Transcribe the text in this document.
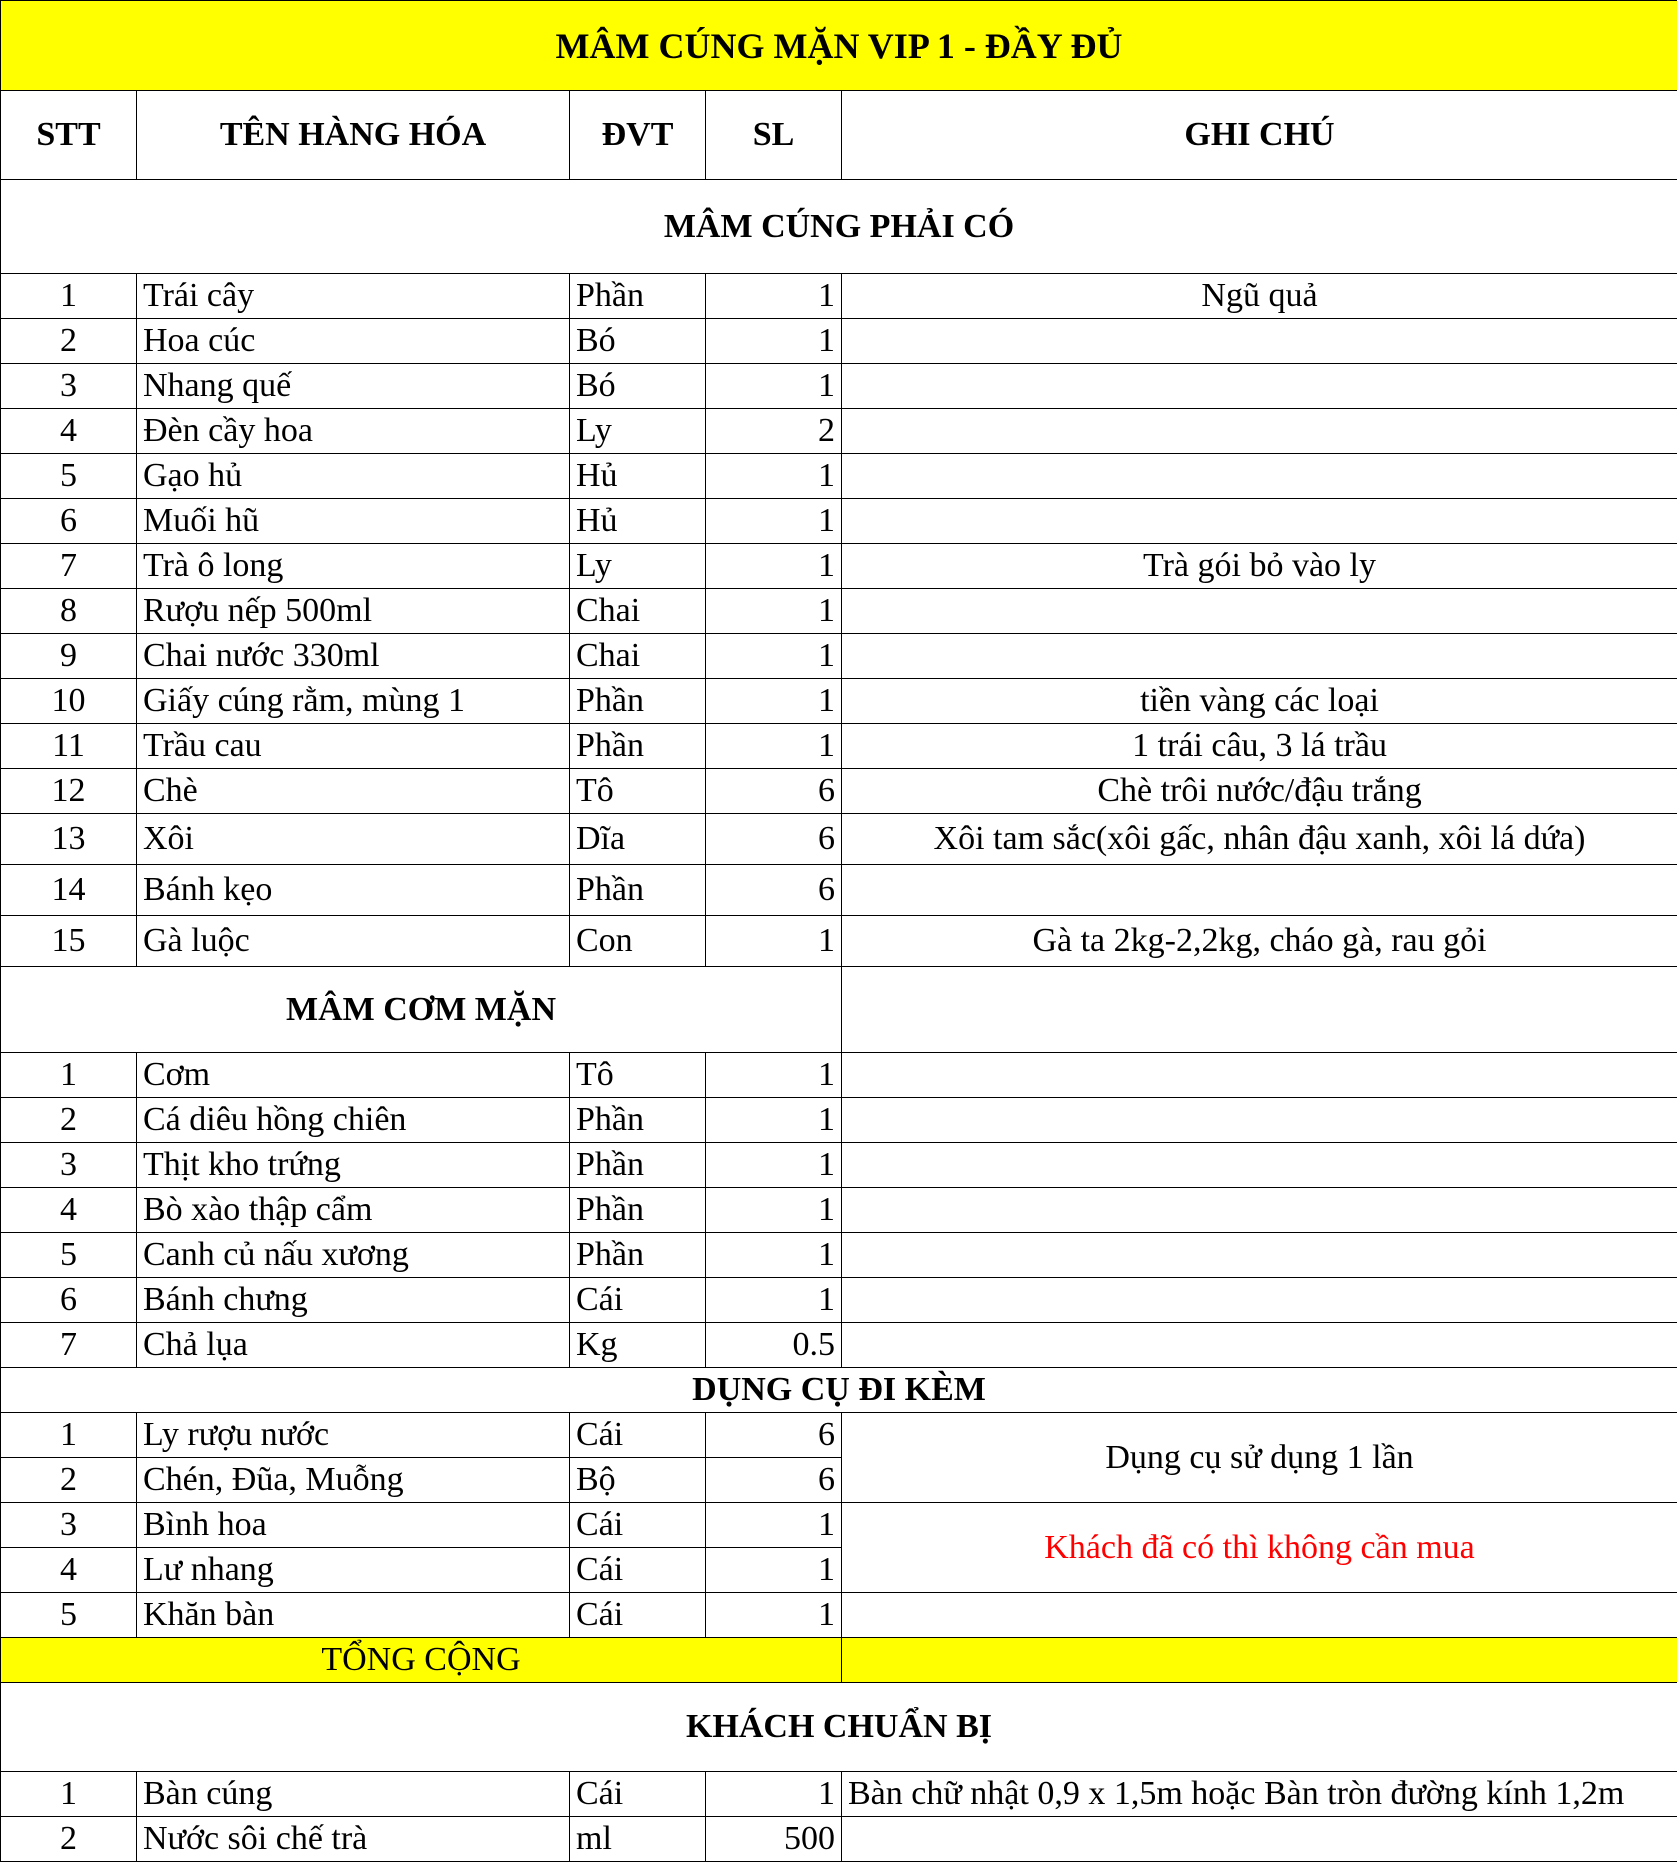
MÂM CÚNG MẶN VIP 1 - ĐẦY ĐỦ				
STT	TÊN HÀNG HÓA	ĐVT	SL	GHI CHÚ
MÂM CÚNG PHẢI CÓ				
1	Trái cây	Phần	1	Ngũ quả
2	Hoa cúc	Bó	1	
3	Nhang quế	Bó	1	
4	Đèn cầy hoa	Ly	2	
5	Gạo hủ	Hủ	1	
6	Muối hũ	Hủ	1	
7	Trà ô long	Ly	1	Trà gói bỏ vào ly
8	Rượu nếp 500ml	Chai	1	
9	Chai nước 330ml	Chai	1	
10	Giấy cúng rằm, mùng 1	Phần	1	tiền vàng các loại
11	Trầu cau	Phần	1	1 trái câu, 3 lá trầu
12	Chè	Tô	6	Chè trôi nước/đậu trắng
13	Xôi	Dĩa	6	Xôi tam sắc(xôi gấc, nhân đậu xanh, xôi lá dứa)
14	Bánh kẹo	Phần	6	
15	Gà luộc	Con	1	Gà ta 2kg-2,2kg, cháo gà, rau gỏi
MÂM CƠM MẶN				
1	Cơm	Tô	1	
2	Cá diêu hồng chiên	Phần	1	
3	Thịt kho trứng	Phần	1	
4	Bò xào thập cẩm	Phần	1	
5	Canh củ nấu xương	Phần	1	
6	Bánh chưng	Cái	1	
7	Chả lụa	Kg	0.5	
DỤNG CỤ ĐI KÈM				
1	Ly rượu nước	Cái	6	Dụng cụ sử dụng 1 lần
2	Chén, Đũa, Muỗng	Bộ	6	
3	Bình hoa	Cái	1	Khách đã có thì không cần mua
4	Lư nhang	Cái	1	
5	Khăn bàn	Cái	1	
TỔNG CỘNG				
KHÁCH CHUẨN BỊ				
1	Bàn cúng	Cái	1	Bàn chữ nhật 0,9 x 1,5m hoặc Bàn tròn đường kính 1,2m
2	Nước sôi chế trà	ml	500	
